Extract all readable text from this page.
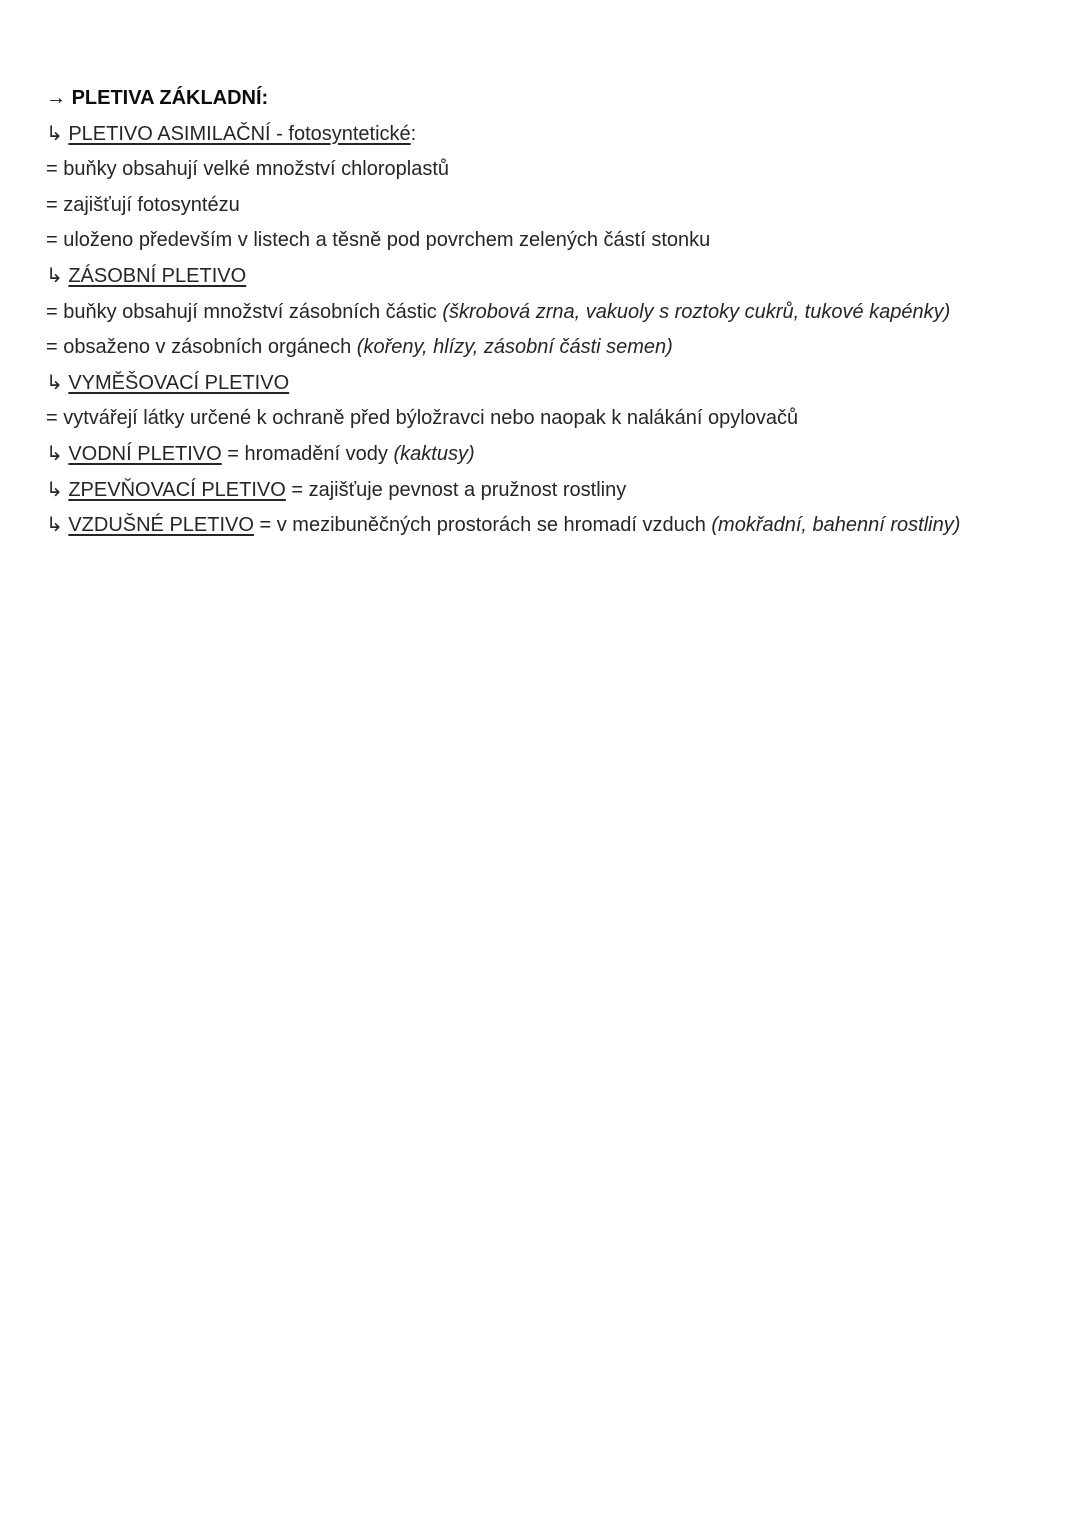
→ PLETIVA ZÁKLADNÍ:

↳ PLETIVO ASIMILAČNÍ - fotosyntetické:

= buňky obsahují velké množství chloroplastů

= zajišťují fotosyntézu

= uloženo především v listech a těsně pod povrchem zelených částí stonku

↳ ZÁSOBNÍ PLETIVO

= buňky obsahují množství zásobních částic (škrobová zrna, vakuoly s roztoky cukrů, tukové kapénky)

= obsaženo v zásobních orgánech (kořeny, hlízy, zásobní části semen)

↳ VYMĚŠOVACÍ PLETIVO

= vytvářejí látky určené k ochraně před býložravci nebo naopak k nalákání opylovačů

↳ VODNÍ PLETIVO = hromadění vody (kaktusy)

↳ ZPEVŇOVACÍ PLETIVO = zajišťuje pevnost a pružnost rostliny

↳ VZDUŠNÉ PLETIVO = v mezibuněčných prostorách se hromadí vzduch (mokřadní, bahenní rostliny)
